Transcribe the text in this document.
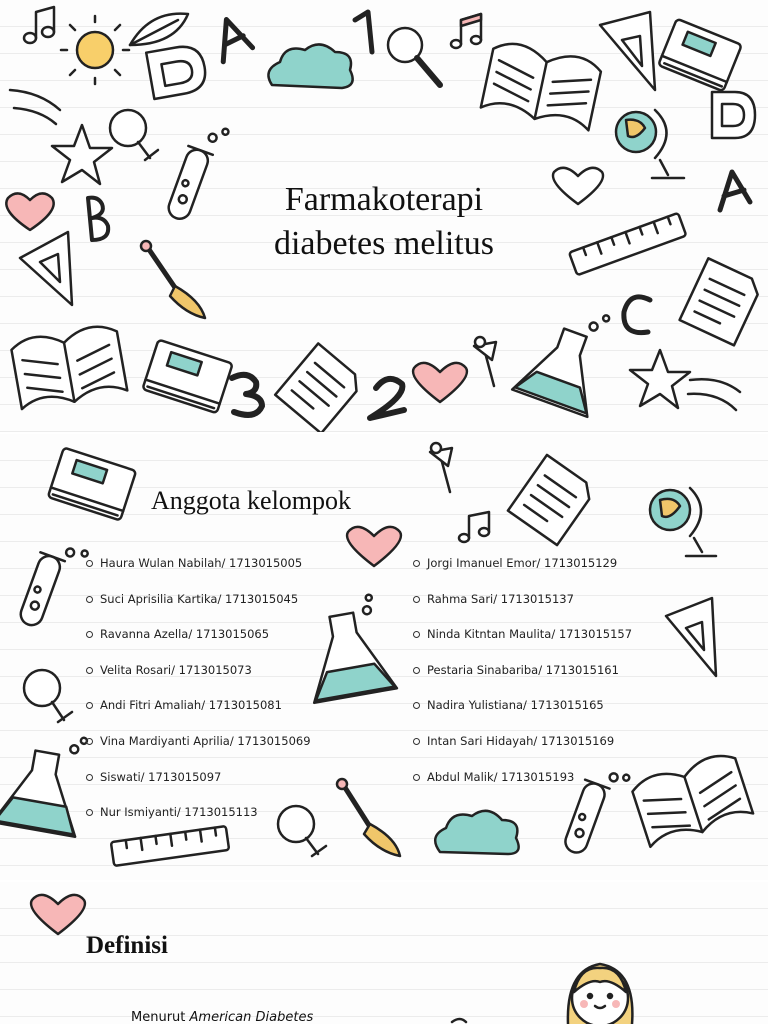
Farmakoterapi
diabetes melitus
Anggota kelompok
Haura Wulan Nabilah/ 1713015005
Suci Aprisilia Kartika/ 1713015045
Ravanna Azella/ 1713015065
Velita Rosari/ 1713015073
Andi Fitri Amaliah/ 1713015081
Vina Mardiyanti Aprilia/ 1713015069
Siswati/ 1713015097
Nur Ismiyanti/ 1713015113
Jorgi Imanuel Emor/ 1713015129
Rahma Sari/ 1713015137
Ninda Kitntan Maulita/ 1713015157
Pestaria Sinabariba/ 1713015161
Nadira Yulistiana/ 1713015165
Intan Sari Hidayah/ 1713015169
Abdul Malik/ 1713015193
Definisi
Menurut American Diabetes
